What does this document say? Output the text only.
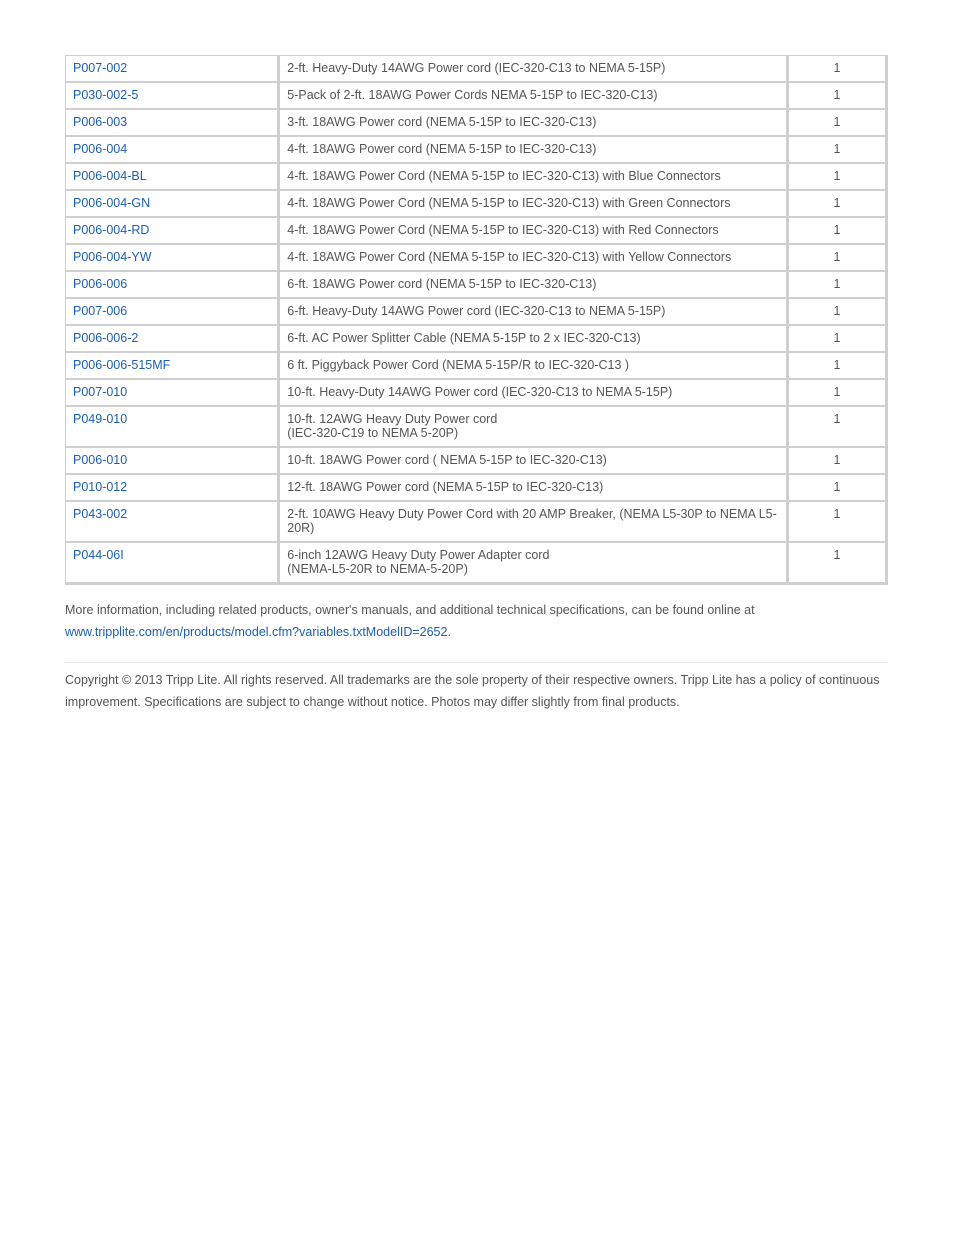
P007-002	2-ft. Heavy-Duty 14AWG Power cord (IEC-320-C13 to NEMA 5-15P)	1
P030-002-5	5-Pack of 2-ft. 18AWG Power Cords NEMA 5-15P to IEC-320-C13)	1
P006-003	3-ft. 18AWG Power cord (NEMA 5-15P to IEC-320-C13)	1
P006-004	4-ft. 18AWG Power cord (NEMA 5-15P to IEC-320-C13)	1
P006-004-BL	4-ft. 18AWG Power Cord (NEMA 5-15P to IEC-320-C13) with Blue Connectors	1
P006-004-GN	4-ft. 18AWG Power Cord (NEMA 5-15P to IEC-320-C13) with Green Connectors	1
P006-004-RD	4-ft. 18AWG Power Cord (NEMA 5-15P to IEC-320-C13) with Red Connectors	1
P006-004-YW	4-ft. 18AWG Power Cord (NEMA 5-15P to IEC-320-C13) with Yellow Connectors	1
P006-006	6-ft. 18AWG Power cord (NEMA 5-15P to IEC-320-C13)	1
P007-006	6-ft. Heavy-Duty 14AWG Power cord (IEC-320-C13 to NEMA 5-15P)	1
P006-006-2	6-ft. AC Power Splitter Cable (NEMA 5-15P to 2 x IEC-320-C13)	1
P006-006-515MF	6 ft. Piggyback Power Cord (NEMA 5-15P/R to IEC-320-C13 )	1
P007-010	10-ft. Heavy-Duty 14AWG Power cord (IEC-320-C13 to NEMA 5-15P)	1
P049-010	10-ft. 12AWG Heavy Duty Power cord
(IEC-320-C19 to NEMA 5-20P)	1
P006-010	10-ft. 18AWG Power cord ( NEMA 5-15P to IEC-320-C13)	1
P010-012	12-ft. 18AWG Power cord (NEMA 5-15P to IEC-320-C13)	1
P043-002	2-ft. 10AWG Heavy Duty Power Cord with 20 AMP Breaker, (NEMA L5-30P to NEMA L5-20R)	1
P044-06I	6-inch 12AWG Heavy Duty Power Adapter cord
(NEMA-L5-20R to NEMA-5-20P)	1
More information, including related products, owner's manuals, and additional technical specifications, can be found online at
www.tripplite.com/en/products/model.cfm?variables.txtModelID=2652.
Copyright © 2013 Tripp Lite. All rights reserved. All trademarks are the sole property of their respective owners. Tripp Lite has a policy of continuous improvement. Specifications are subject to change without notice. Photos may differ slightly from final products.
